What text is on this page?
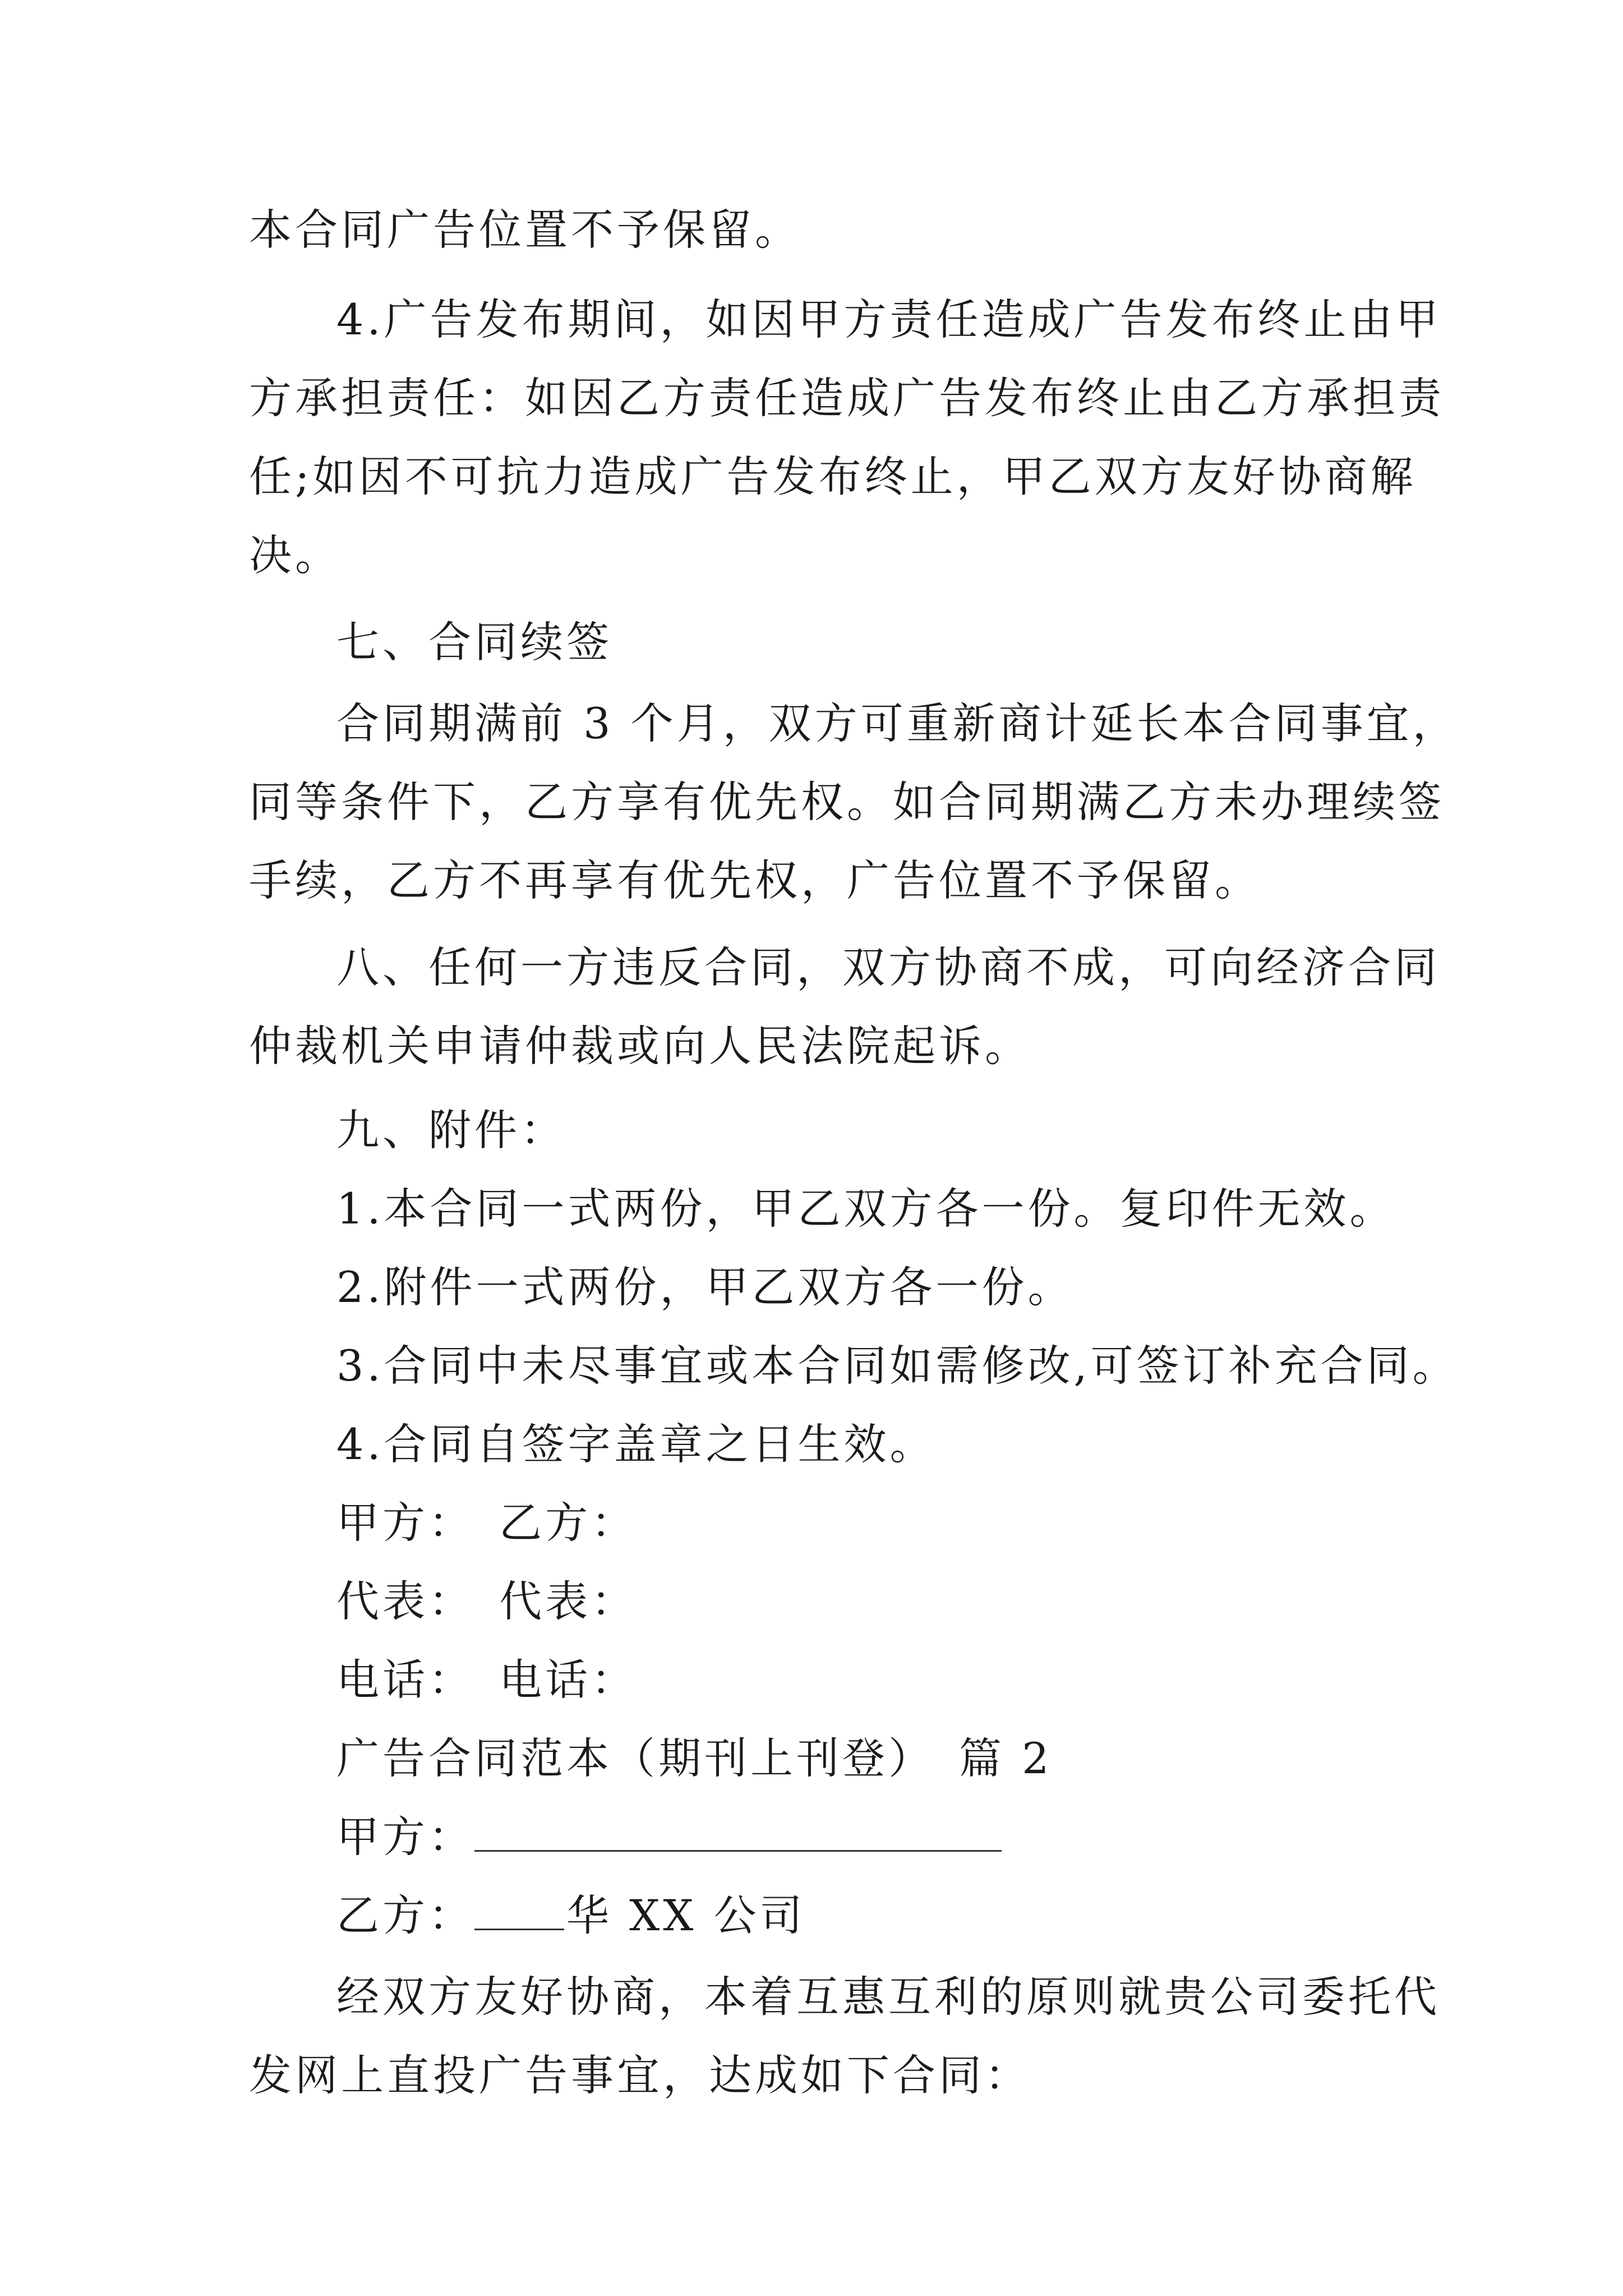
本合同广告位置不予保留。
4.广告发布期间，如因甲方责任造成广告发布终止由甲
方承担责任：如因乙方责任造成广告发布终止由乙方承担责
任;如因不可抗力造成广告发布终止，甲乙双方友好协商解
决。
七、合同续签
合同期满前 3 个月，双方可重新商计延长本合同事宜，
同等条件下，乙方享有优先权。如合同期满乙方未办理续签
手续，乙方不再享有优先权，广告位置不予保留。
八、任何一方违反合同，双方协商不成，可向经济合同
仲裁机关申请仲裁或向人民法院起诉。
九、附件：
1.本合同一式两份，甲乙双方各一份。复印件无效。
2.附件一式两份，甲乙双方各一份。
3.合同中未尽事宜或本合同如需修改,可签订补充合同。
4.合同自签字盖章之日生效。
甲方：　乙方：
代表：　代表：
电话：　电话：
广告合同范本（期刊上刊登）　篇 2
甲方：
乙方： 华 XX 公司
经双方友好协商，本着互惠互利的原则就贵公司委托代
发网上直投广告事宜，达成如下合同：
